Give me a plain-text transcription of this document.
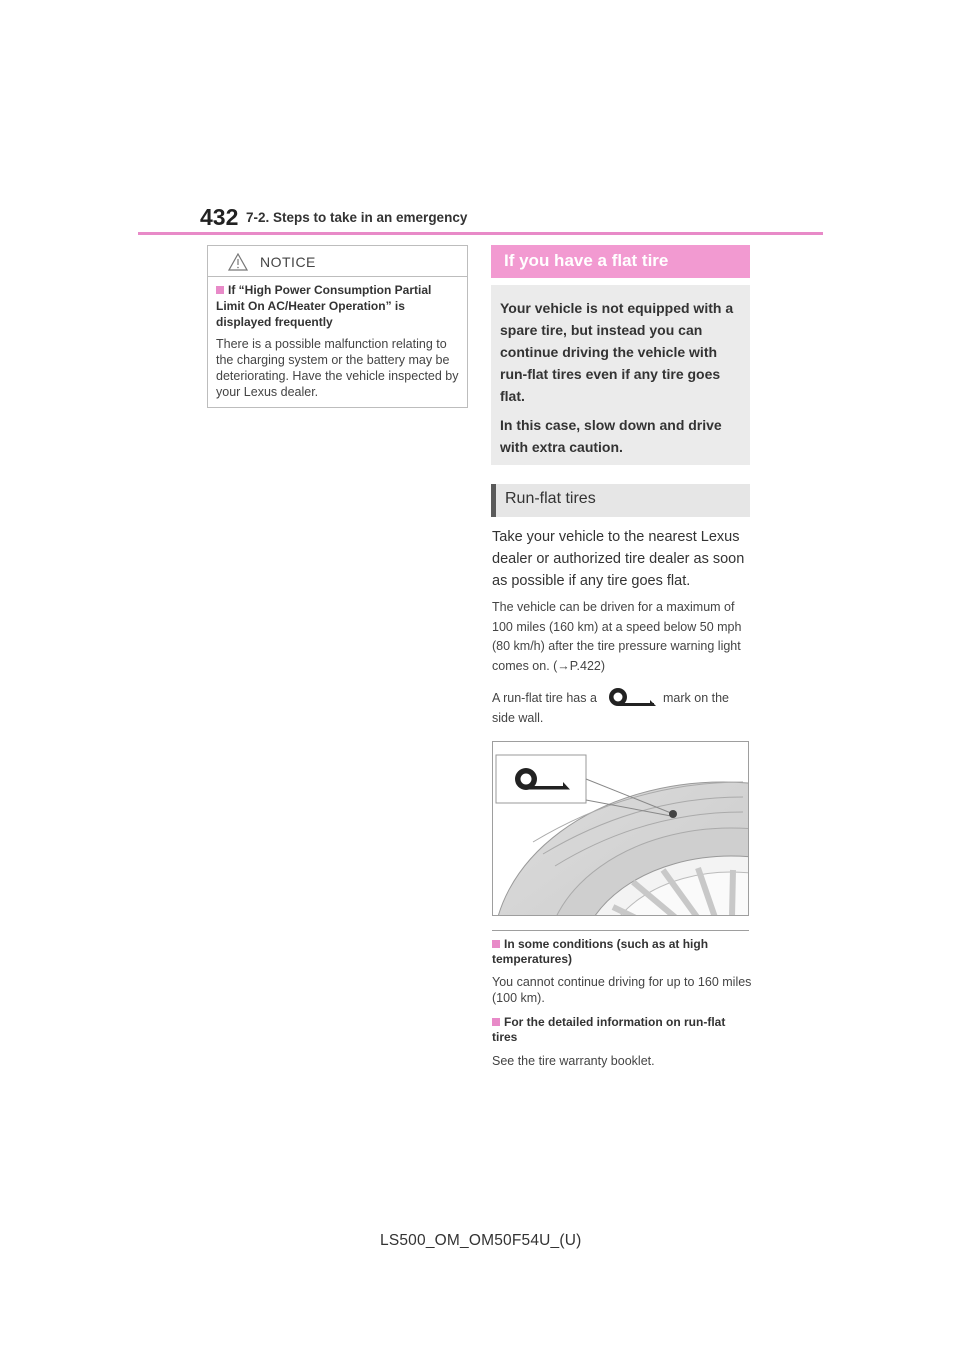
432 7-2. Steps to take in an emergency
NOTICE
If “High Power Consumption Partial Limit On AC/Heater Operation” is displayed frequently
There is a possible malfunction relating to the charging system or the battery may be deteriorating. Have the vehicle inspected by your Lexus dealer.
If you have a flat tire
Your vehicle is not equipped with a spare tire, but instead you can continue driving the vehicle with run-flat tires even if any tire goes flat.
In this case, slow down and drive with extra caution.
Run-flat tires
Take your vehicle to the nearest Lexus dealer or authorized tire dealer as soon as possible if any tire goes flat.
The vehicle can be driven for a maximum of 100 miles (160 km) at a speed below 50 mph (80 km/h) after the tire pressure warning light comes on. (→P.422)
A run-flat tire has a	mark on the
side wall.
In some conditions (such as at high temperatures)
You cannot continue driving for up to 160 miles (100 km).
For the detailed information on run-flat tires
See the tire warranty booklet.
LS500_OM_OM50F54U_(U)
